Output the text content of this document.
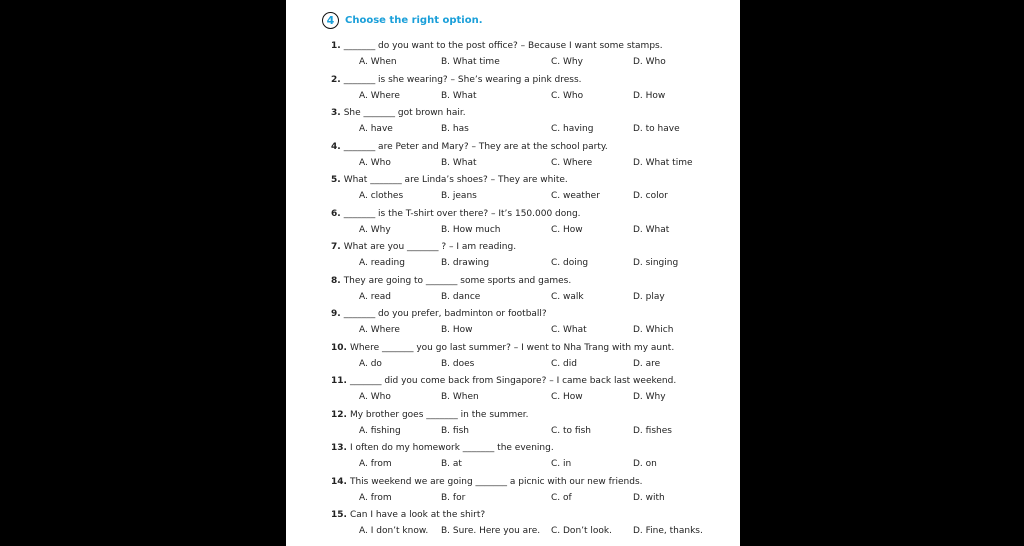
4	Choose the right option.
1. _______ do you want to the post office? – Because I want some stamps.
A. When	B. What time	C. Why	D. Who
2. _______ is she wearing? – She’s wearing a pink dress.
A. Where	B. What	C. Who	D. How
3. She _______ got brown hair.
A. have	B. has	C. having	D. to have
4. _______ are Peter and Mary? – They are at the school party.
A. Who	B. What	C. Where	D. What time
5. What _______ are Linda’s shoes? – They are white.
A. clothes	B. jeans	C. weather	D. color
6. _______ is the T-shirt over there? – It’s 150.000 dong.
A. Why	B. How much	C. How	D. What
7. What are you _______ ? – I am reading.
A. reading	B. drawing	C. doing	D. singing
8. They are going to _______ some sports and games.
A. read	B. dance	C. walk	D. play
9. _______ do you prefer, badminton or football?
A. Where	B. How	C. What	D. Which
10. Where _______ you go last summer? – I went to Nha Trang with my aunt.
A. do	B. does	C. did	D. are
11. _______ did you come back from Singapore? – I came back last weekend.
A. Who	B. When	C. How	D. Why
12. My brother goes _______ in the summer.
A. fishing	B. fish	C. to fish	D. fishes
13. I often do my homework _______ the evening.
A. from	B. at	C. in	D. on
14. This weekend we are going _______ a picnic with our new friends.
A. from	B. for	C. of	D. with
15. Can I have a look at the shirt?
A. I don’t know. B. Sure. Here you are. C. Don’t look. D. Fine, thanks.
